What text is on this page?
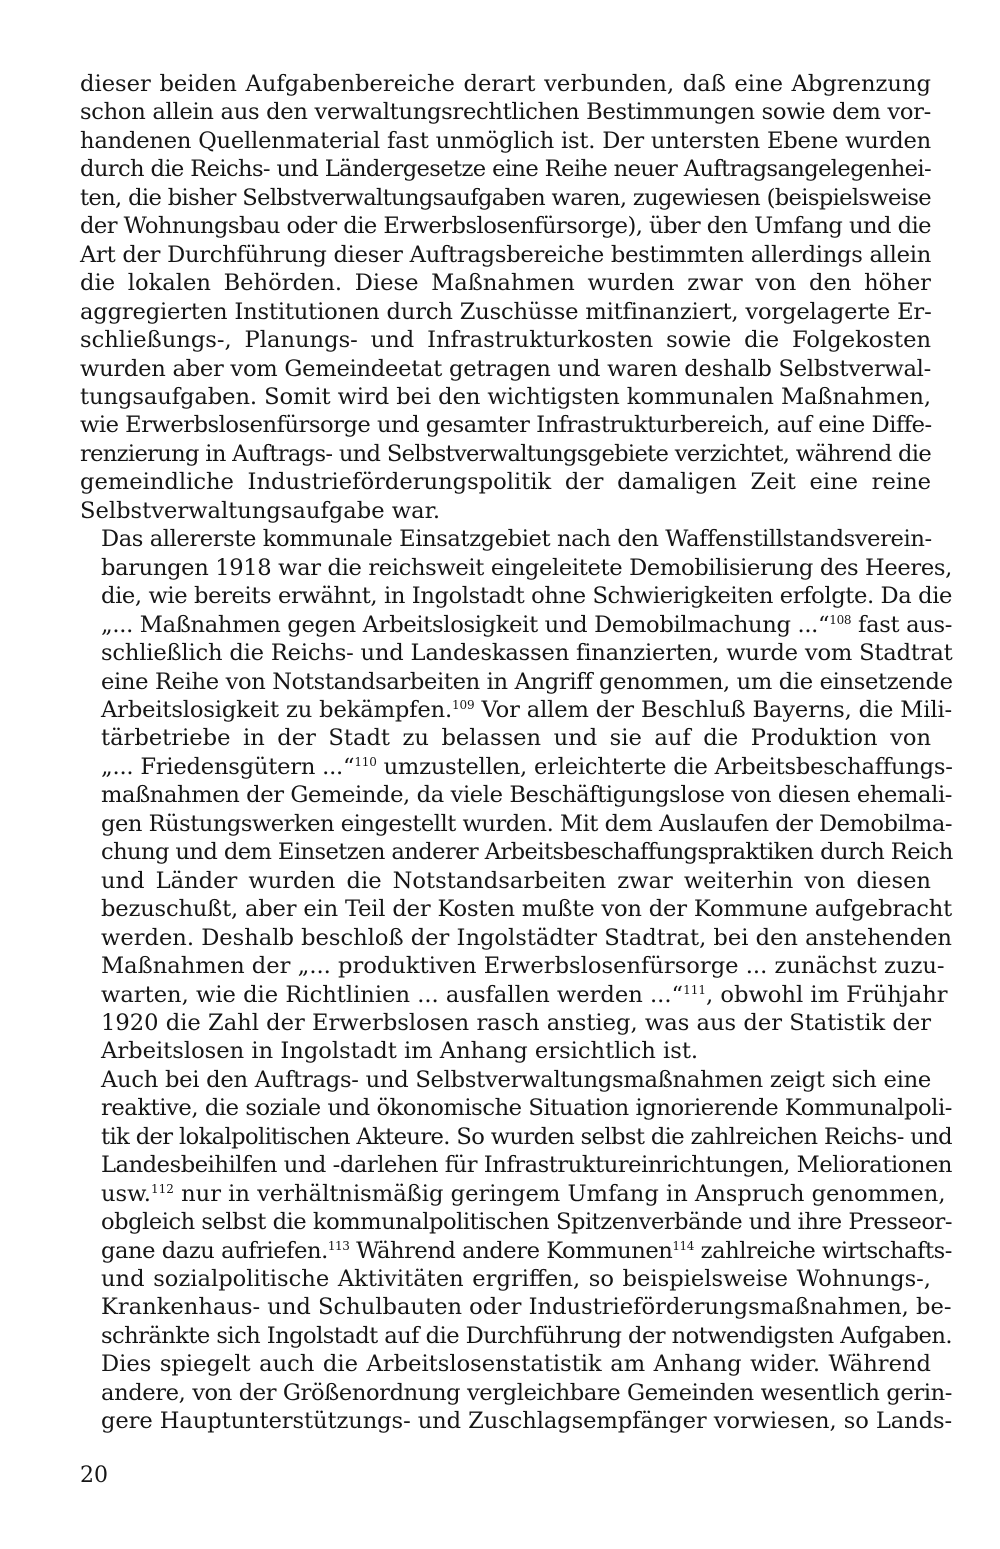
dieser beiden Aufgabenbereiche derart verbunden, daß eine Abgrenzung
schon allein aus den verwaltungsrechtlichen Bestimmungen sowie dem vor-
handenen Quellenmaterial fast unmöglich ist. Der untersten Ebene wurden
durch die Reichs- und Ländergesetze eine Reihe neuer Auftragsangelegenhei-
ten, die bisher Selbstverwaltungsaufgaben waren, zugewiesen (beispielsweise
der Wohnungsbau oder die Erwerbslosenfürsorge), über den Umfang und die
Art der Durchführung dieser Auftragsbereiche bestimmten allerdings allein
die lokalen Behörden. Diese Maßnahmen wurden zwar von den höher
aggregierten Institutionen durch Zuschüsse mitfinanziert, vorgelagerte Er-
schließungs-, Planungs- und Infrastrukturkosten sowie die Folgekosten
wurden aber vom Gemeindeetat getragen und waren deshalb Selbstverwal-
tungsaufgaben. Somit wird bei den wichtigsten kommunalen Maßnahmen,
wie Erwerbslosenfürsorge und gesamter Infrastrukturbereich, auf eine Diffe-
renzierung in Auftrags- und Selbstverwaltungsgebiete verzichtet, während die
gemeindliche Industrieförderungspolitik der damaligen Zeit eine reine
Selbstverwaltungsaufgabe war.
Das allererste kommunale Einsatzgebiet nach den Waffenstillstandsverein-
barungen 1918 war die reichsweit eingeleitete Demobilisierung des Heeres,
die, wie bereits erwähnt, in Ingolstadt ohne Schwierigkeiten erfolgte. Da die
„... Maßnahmen gegen Arbeitslosigkeit und Demobilmachung ...“$^{108}$ fast aus-
schließlich die Reichs- und Landeskassen finanzierten, wurde vom Stadtrat
eine Reihe von Notstandsarbeiten in Angriff genommen, um die einsetzende
Arbeitslosigkeit zu bekämpfen.$^{109}$ Vor allem der Beschluß Bayerns, die Mili-
tärbetriebe in der Stadt zu belassen und sie auf die Produktion von
„... Friedensgütern ...“$^{110}$ umzustellen, erleichterte die Arbeitsbeschaffungs-
maßnahmen der Gemeinde, da viele Beschäftigungslose von diesen ehemali-
gen Rüstungswerken eingestellt wurden. Mit dem Auslaufen der Demobilma-
chung und dem Einsetzen anderer Arbeitsbeschaffungspraktiken durch Reich
und Länder wurden die Notstandsarbeiten zwar weiterhin von diesen
bezuschußt, aber ein Teil der Kosten mußte von der Kommune aufgebracht
werden. Deshalb beschloß der Ingolstädter Stadtrat, bei den anstehenden
Maßnahmen der „... produktiven Erwerbslosenfürsorge ... zunächst zuzu-
warten, wie die Richtlinien ... ausfallen werden ...“$^{111}$, obwohl im Frühjahr
1920 die Zahl der Erwerbslosen rasch anstieg, was aus der Statistik der
Arbeitslosen in Ingolstadt im Anhang ersichtlich ist.
Auch bei den Auftrags- und Selbstverwaltungsmaßnahmen zeigt sich eine
reaktive, die soziale und ökonomische Situation ignorierende Kommunalpoli-
tik der lokalpolitischen Akteure. So wurden selbst die zahlreichen Reichs- und
Landesbeihilfen und -darlehen für Infrastruktureinrichtungen, Meliorationen
usw.$^{112}$ nur in verhältnismäßig geringem Umfang in Anspruch genommen,
obgleich selbst die kommunalpolitischen Spitzenverbände und ihre Presseor-
gane dazu aufriefen.$^{113}$ Während andere Kommunen$^{114}$ zahlreiche wirtschafts-
und sozialpolitische Aktivitäten ergriffen, so beispielsweise Wohnungs-,
Krankenhaus- und Schulbauten oder Industrieförderungsmaßnahmen, be-
schränkte sich Ingolstadt auf die Durchführung der notwendigsten Aufgaben.
Dies spiegelt auch die Arbeitslosenstatistik am Anhang wider. Während
andere, von der Größenordnung vergleichbare Gemeinden wesentlich gerin-
gere Hauptunterstützungs- und Zuschlagsempfänger vorwiesen, so Lands-
20
